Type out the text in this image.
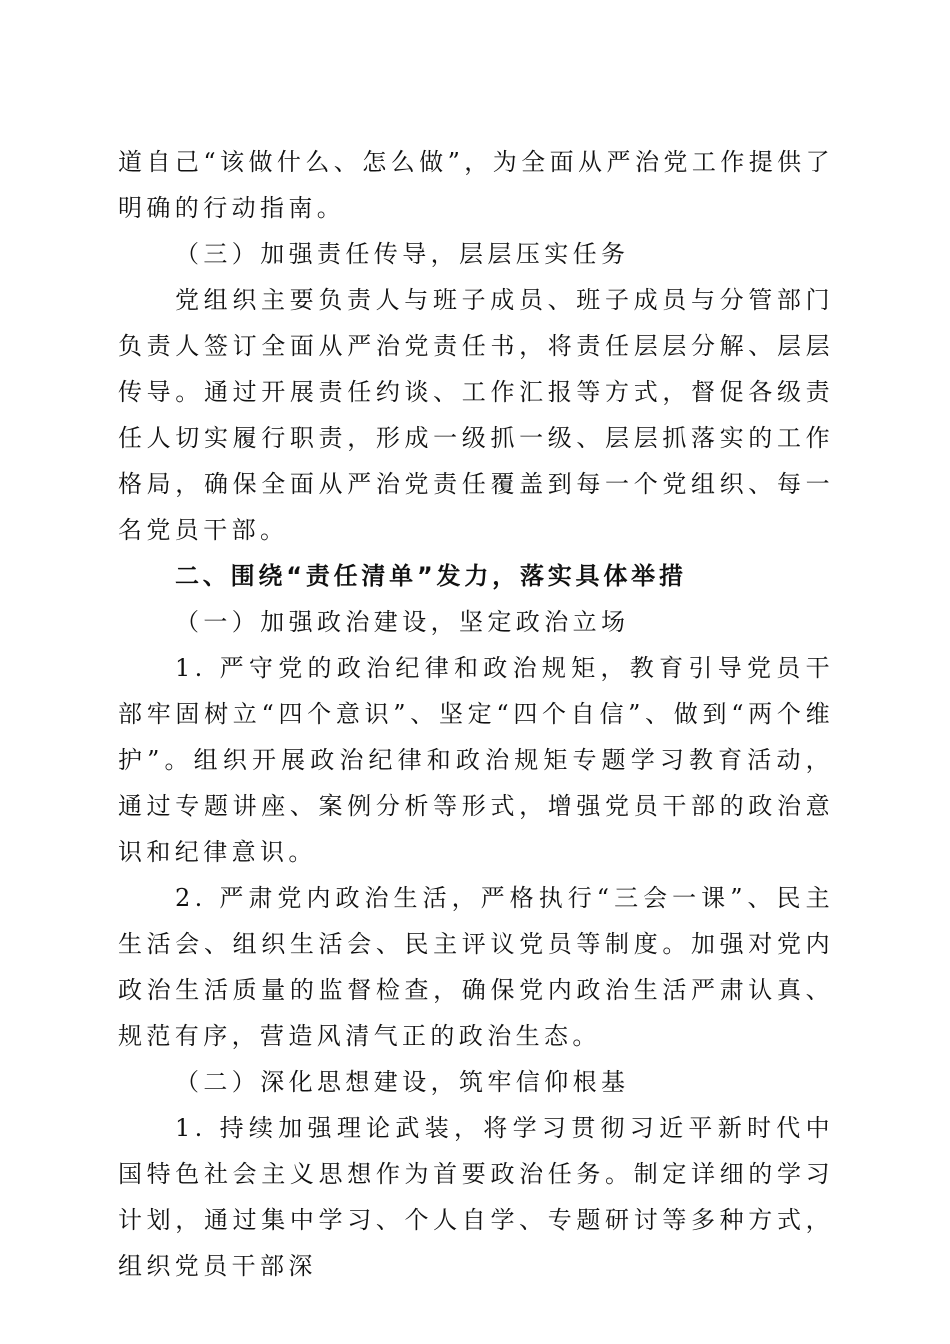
道自己“该做什么、怎么做”，为全面从严治党工作提供了明确的行动指南。

（三）加强责任传导，层层压实任务

党组织主要负责人与班子成员、班子成员与分管部门负责人签订全面从严治党责任书，将责任层层分解、层层传导。通过开展责任约谈、工作汇报等方式，督促各级责任人切实履行职责，形成一级抓一级、层层抓落实的工作格局，确保全面从严治党责任覆盖到每一个党组织、每一名党员干部。

二、围绕“责任清单”发力，落实具体举措

（一）加强政治建设，坚定政治立场

1. 严守党的政治纪律和政治规矩，教育引导党员干部牢固树立“四个意识”、坚定“四个自信”、做到“两个维护”。组织开展政治纪律和政治规矩专题学习教育活动，通过专题讲座、案例分析等形式，增强党员干部的政治意识和纪律意识。

2. 严肃党内政治生活，严格执行“三会一课”、民主生活会、组织生活会、民主评议党员等制度。加强对党内政治生活质量的监督检查，确保党内政治生活严肃认真、规范有序，营造风清气正的政治生态。

（二）深化思想建设，筑牢信仰根基

1. 持续加强理论武装，将学习贯彻习近平新时代中国特色社会主义思想作为首要政治任务。制定详细的学习计划，通过集中学习、个人自学、专题研讨等多种方式，组织党员干部深
